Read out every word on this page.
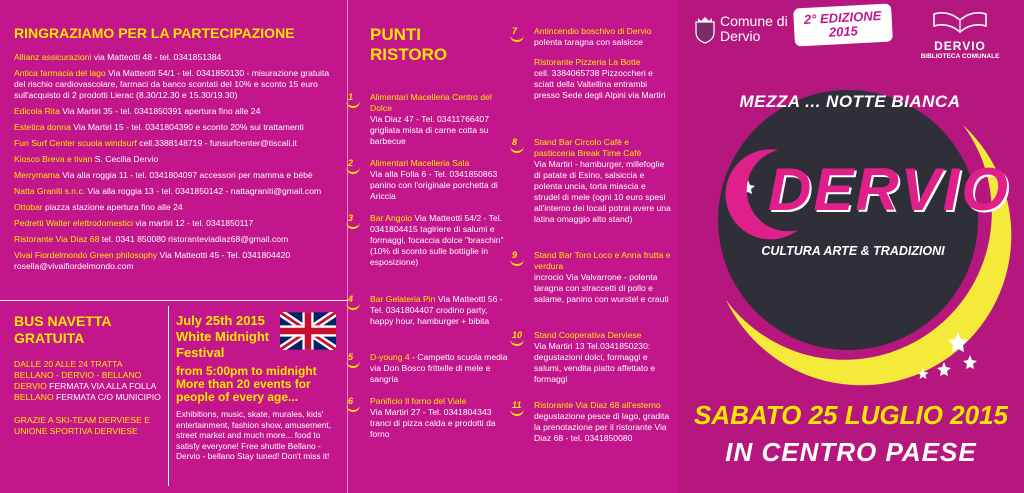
RINGRAZIAMO PER LA PARTECIPAZIONE
Allianz assicurazioni via Matteotti 48 - tel. 0341851384
Antica farmacia del lago Via Matteotti 54/1 - tel. 0341850130 - misurazione gratuita del rischio cardiovascolare, farmaci da banco scontati del 10% e sconto 15 euro sull'acquisto di 2 prodotti Lierac (8.30/12.30 e 15.30/19.30)
Edicola Rita Via Martiri 35 - tel. 0341850391 apertura fino alle 24
Estetica donna Via Martiri 15 - tel. 0341804390 e sconto 20% sui trattamenti
Fun Surf Center scuola windsurf cell.3388148719 - funsurfcenter@tiscali.it
Kiosco Breva e tivan S. Cecilia Dervio
Merrymama Via alla roggia 11 - tel. 0341804097 accessori per mamma e bèbè
Natta Graniti s.n.c. Via alla roggia 13 - tel. 0341850142 - nattagraniti@gmail.com
Ottobar piazza stazione apertura fino alle 24
Pedretti Walter elettrodomestici via martiri 12 - tel. 0341850117
Ristorante Via Diaz 68 tel. 0341 850080 ristoranteviadiaz68@gmail.com
Vivai Fiordelmondo Green philosophy Via Matteotti 45 - Tel. 0341804420 rosella@vivaifiordelmondo.com
BUS NAVETTA GRATUITA
DALLE 20 ALLE 24 TRATTA
BELLANO - DERVIO - BELLANO
DERVIO FERMATA VIA ALLA FOLLA
BELLANO FERMATA C/O MUNICIPIO
GRAZIE A SKI-TEAM DERVIESE E UNIONE SPORTIVA DERVIESE
July 25th 2015 White Midnight Festival
from 5:00pm to midnight More than 20 events for people of every age...
Exhibitions, music, skate, murales, kids' entertainment, fashion show, amusement, street market and much more... food to satisfy everyone! Free shuttle Bellano - Dervio - bellano Stay tuned! Don't miss it!
PUNTI RISTORO
1	Alimentari Macelleria Centro del Dolce
Via Diaz 47 - Tel. 03411766407 grigliata mista di carne cotta su barbecue
2	Alimentari Macelleria Sala
Via alla Folla 6 - Tel. 0341850863 panino con l'originale porchetta di Ariccia
3	Bar Angolo Via Matteotti 54/2 - Tel. 0341804415 taglriere di salumi e formaggi, focaccia dolce "braschin" (10% di sconto sulle bottiglie in esposizione)
4	Bar Gelateria Pin Via Matteotti 56 - Tel. 0341804407 crodino party, happy hour, hamburger + bibita
5	D-young 4 - Campetto scuola media via Don Bosco frittelle di mele e sangria
6	Panificio Il forno del Viale
Via Martiri 27 - Tel. 0341804343 tranci di pizza calda e prodotti da forno
7	Antincendio boschivo di Dervio
polenta taragna con salsicce
Ristorante Pizzeria La Botte
cell. 3384065738 Pizzoccheri e sciatt della Valtellina entrambi presso Sede degli Alpini via Martiri
8	Stand Bar Circolo Cafè e pasticceria Break Time Cafè
Via Martiri - hamburger, millefoglie di patate di Esino, salsiccia e polenta uncia, torta miascia e strudel di mele (ogni 10 euro spesi all'interno dei locali potrai avere una latina omaggio alto stand)
9	Stand Bar Toro Loco e Anna frutta e verdura
incrocio Via Valvarrone - polenta taragna con straccetti di pollo e salame, panino con wurstel e crauti
10	Stand Cooperativa Derviese
Via Martiri 13 Tel.0341850230: degustazioni dolci, formaggi e salumi, vendita piatto affettato e formaggi
11	Ristorante Via Diaz 68 all'esterno
degustazione pesce di lago, gradita la prenotazione per il ristorante Via Diaz 68 - tel. 0341850080
Comune di Dervio
2° EDIZIONE 2015
DERVIO
BIBLIOTECA COMUNALE
MEZZA ... NOTTE BIANCA
DERVIO
CULTURA ARTE & TRADIZIONI
SABATO 25 LUGLIO 2015
IN CENTRO PAESE
